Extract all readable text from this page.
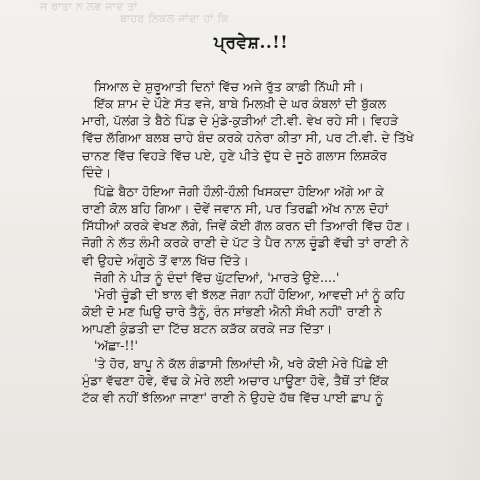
ਜ ਰਾਤਾ ਨ ਲਭ ਜਾਦ ਤਾਂ
ਬਾਹਰ ਨਿਕਲ ਜਾਂਦਾ ਹਾਂ ਕਿ
ਪ੍ਰਵੇਸ਼..!!
ਸਿਆਲ ਦੇ ਸ਼ੁਰੂਆਤੀ ਦਿਨਾਂ ਵਿੱਚ ਅਜੇ ਰੁੱਤ ਕਾਫ਼ੀ ਨਿੱਘੀ ਸੀ।
ਇੱਕ ਸ਼ਾਮ ਦੇ ਪੌਣੇ ਸੱਤ ਵਜੇ, ਬਾਬੇ ਮਿਲਖ਼ੀ ਦੇ ਘਰ ਕੰਬਲਾਂ ਦੀ ਬੁੱਕਲ
ਮਾਰੀ, ਪੱਲਂਗ ਤੇ ਬੈਠੇ ਪਿੰਡ ਦੇ ਮੁੰਡੇ-ਕੁੜੀਆਂ ਟੀ.ਵੀ. ਵੇਖ ਰਹੇ ਸੀ। ਵਿਹੜੇ
ਵਿੱਚ ਲੱਗਿਆ ਬਲਬ ਚਾਹੇ ਬੰਦ ਕਰਕੇ ਹਨੇਰਾ ਕੀਤਾ ਸੀ, ਪਰ ਟੀ.ਵੀ. ਦੇ ਤਿੱਖੇ
ਚਾਨਣ ਵਿੱਚ ਵਿਹੜੇ ਵਿੱਚ ਪਏ, ਹੁਣੇ ਪੀਤੇ ਦੁੱਧ ਦੇ ਜੂਠੇ ਗਲਾਸ ਲਿਸ਼ਕੋਰ
ਦਿੰਦੇ।
ਪਿੱਛੇ ਬੈਠਾ ਹੋਇਆ ਜੋਗੀ ਹੌਲ਼ੀ-ਹੌਲ਼ੀ ਖਿਸਕਦਾ ਹੋਇਆ ਅੱਗੇ ਆ ਕੇ
ਰਾਣੀ ਕੋਲ਼ ਬਹਿ ਗਿਆ। ਦੋਵੇਂ ਜਵਾਨ ਸੀ, ਪਰ ਤਿਰਛੀ ਅੱਖ ਨਾਲ਼ ਦੋਹਾਂ
ਸਿੱਧੀਆਂ ਕਰਕੇ ਵੇਖਣ ਲੱਗੇ, ਜਿਵੇਂ ਕੋਈ ਗੱਲ ਕਰਨ ਦੀ ਤਿਆਰੀ ਵਿੱਚ ਹੋਣ।
ਜੋਗੀ ਨੇ ਲੱਤ ਲੰਮੀ ਕਰਕੇ ਰਾਣੀ ਦੇ ਪੱਟ ਤੇ ਪੈਰ ਨਾਲ਼ ਚੂੰਡੀ ਵੱਢੀ ਤਾਂ ਰਾਣੀ ਨੇ
ਵੀ ਉਹਦੇ ਅੰਗੂਠੇ ਤੋਂ ਵਾਲ਼ ਖਿੱਚ ਦਿੱਤੇ।
ਜੋਗੀ ਨੇ ਪੀੜ ਨੂੰ ਦੰਦਾਂ ਵਿੱਚ ਘੁੱਟਦਿਆਂ, 'ਮਾਰਤੇ ਉਏ....'
'ਮੇਰੀ ਚੂੰਡੀ ਦੀ ਝਾਲ ਵੀ ਝੱਲਣ ਜੋਗਾ ਨਹੀਂ ਹੋਇਆ, ਆਵਦੀ ਮਾਂ ਨੂੰ ਕਹਿ
ਕੋਈ ਦੋ ਮਣ ਘਿਉ ਚਾਰੇ ਤੈਨੂੰ, ਰੰਨ ਸਾਂਭਣੀ ਐਨੀ ਸੌਖੀ ਨਹੀਂ' ਰਾਣੀ ਨੇ
ਆਪਣੀ ਕੁੰਡਤੀ ਦਾ ਟਿੱਚ ਬਟਨ ਕੜੱਕ ਕਰਕੇ ਜੜ ਦਿੱਤਾ।
'ਅੱਛਾ-!!'
'ਤੇ ਹੋਰ, ਬਾਪੂ ਨੇ ਕੱਲ ਗੰਡਾਸੀ ਲਿਆਂਦੀ ਐ, ਖਰੇ ਕੋਈ ਮੇਰੇ ਪਿੱਛੇ ਈ
ਮੁੰਡਾ ਵੱਢਣਾ ਹੋਵੇ, ਵੱਢ ਕੇ ਮੇਰੇ ਲਈ ਅਚਾਰ ਪਾਊਣਾ ਹੋਵੇ, ਤੈਥੋਂ ਤਾਂ ਇੱਕ
ਟੱਕ ਵੀ ਨਹੀਂ ਝੱਲਿਆ ਜਾਣਾ' ਰਾਣੀ ਨੇ ਉਹਦੇ ਹੱਥ ਵਿੱਚ ਪਾਈ ਛਾਪ ਨੂੰ
